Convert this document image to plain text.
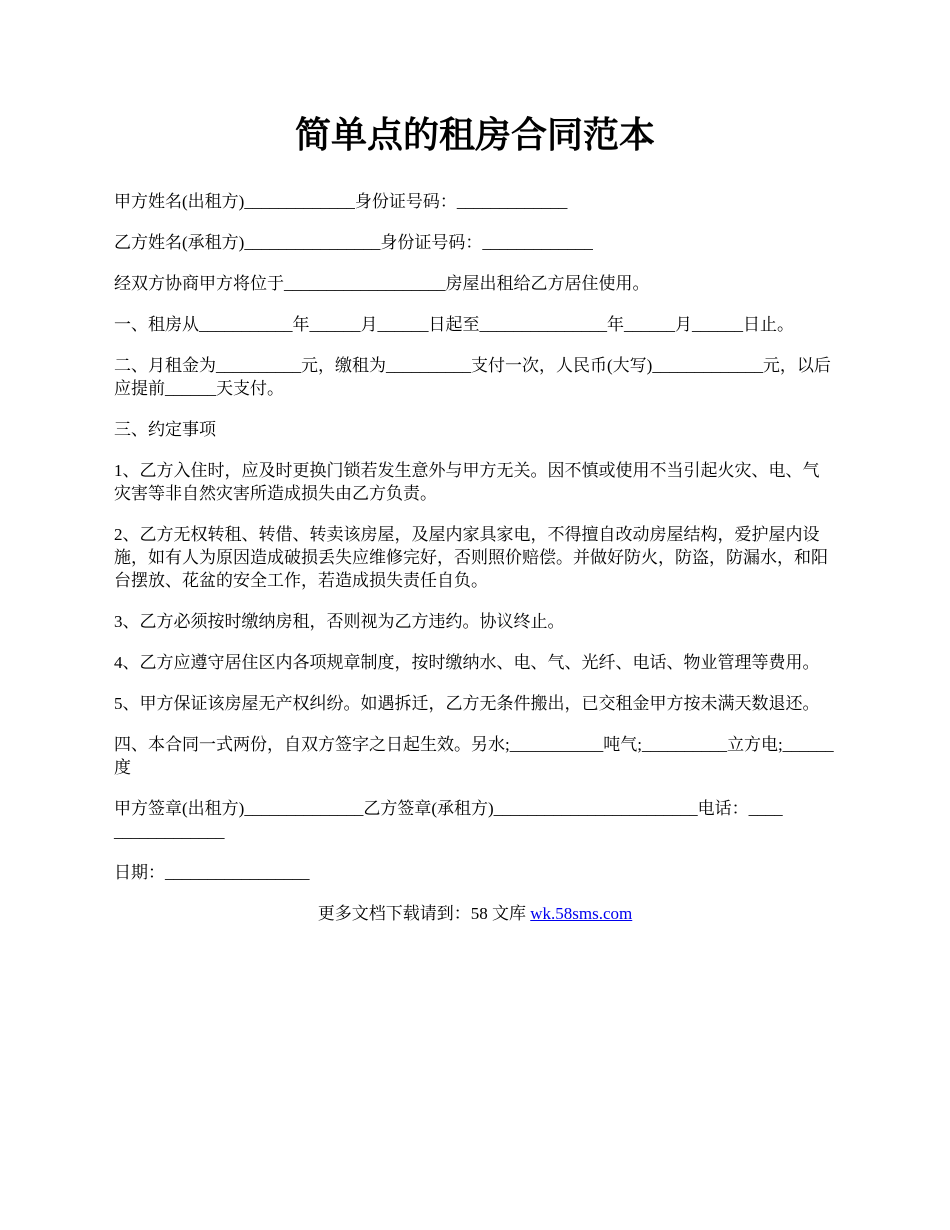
简单点的租房合同范本

甲方姓名(出租方)_____________身份证号码：_____________

乙方姓名(承租方)________________身份证号码：_____________

经双方协商甲方将位于___________________房屋出租给乙方居住使用。

一、租房从___________年______月______日起至_______________年______月______日止。

二、月租金为__________元，缴租为__________支付一次，人民币(大写)_____________元，以后应提前______天支付。

三、约定事项

1、乙方入住时，应及时更换门锁若发生意外与甲方无关。因不慎或使用不当引起火灾、电、气灾害等非自然灾害所造成损失由乙方负责。

2、乙方无权转租、转借、转卖该房屋，及屋内家具家电，不得擅自改动房屋结构，爱护屋内设施，如有人为原因造成破损丢失应维修完好，否则照价赔偿。并做好防火，防盗，防漏水，和阳台摆放、花盆的安全工作，若造成损失责任自负。

3、乙方必须按时缴纳房租，否则视为乙方违约。协议终止。

4、乙方应遵守居住区内各项规章制度，按时缴纳水、电、气、光纤、电话、物业管理等费用。

5、甲方保证该房屋无产权纠纷。如遇拆迁，乙方无条件搬出，已交租金甲方按未满天数退还。

四、本合同一式两份，自双方签字之日起生效。另水;___________吨气;__________立方电;______度

甲方签章(出租方)______________乙方签章(承租方)________________________电话：____
_____________

日期：_________________

更多文档下载请到：58 文库 wk.58sms.com
